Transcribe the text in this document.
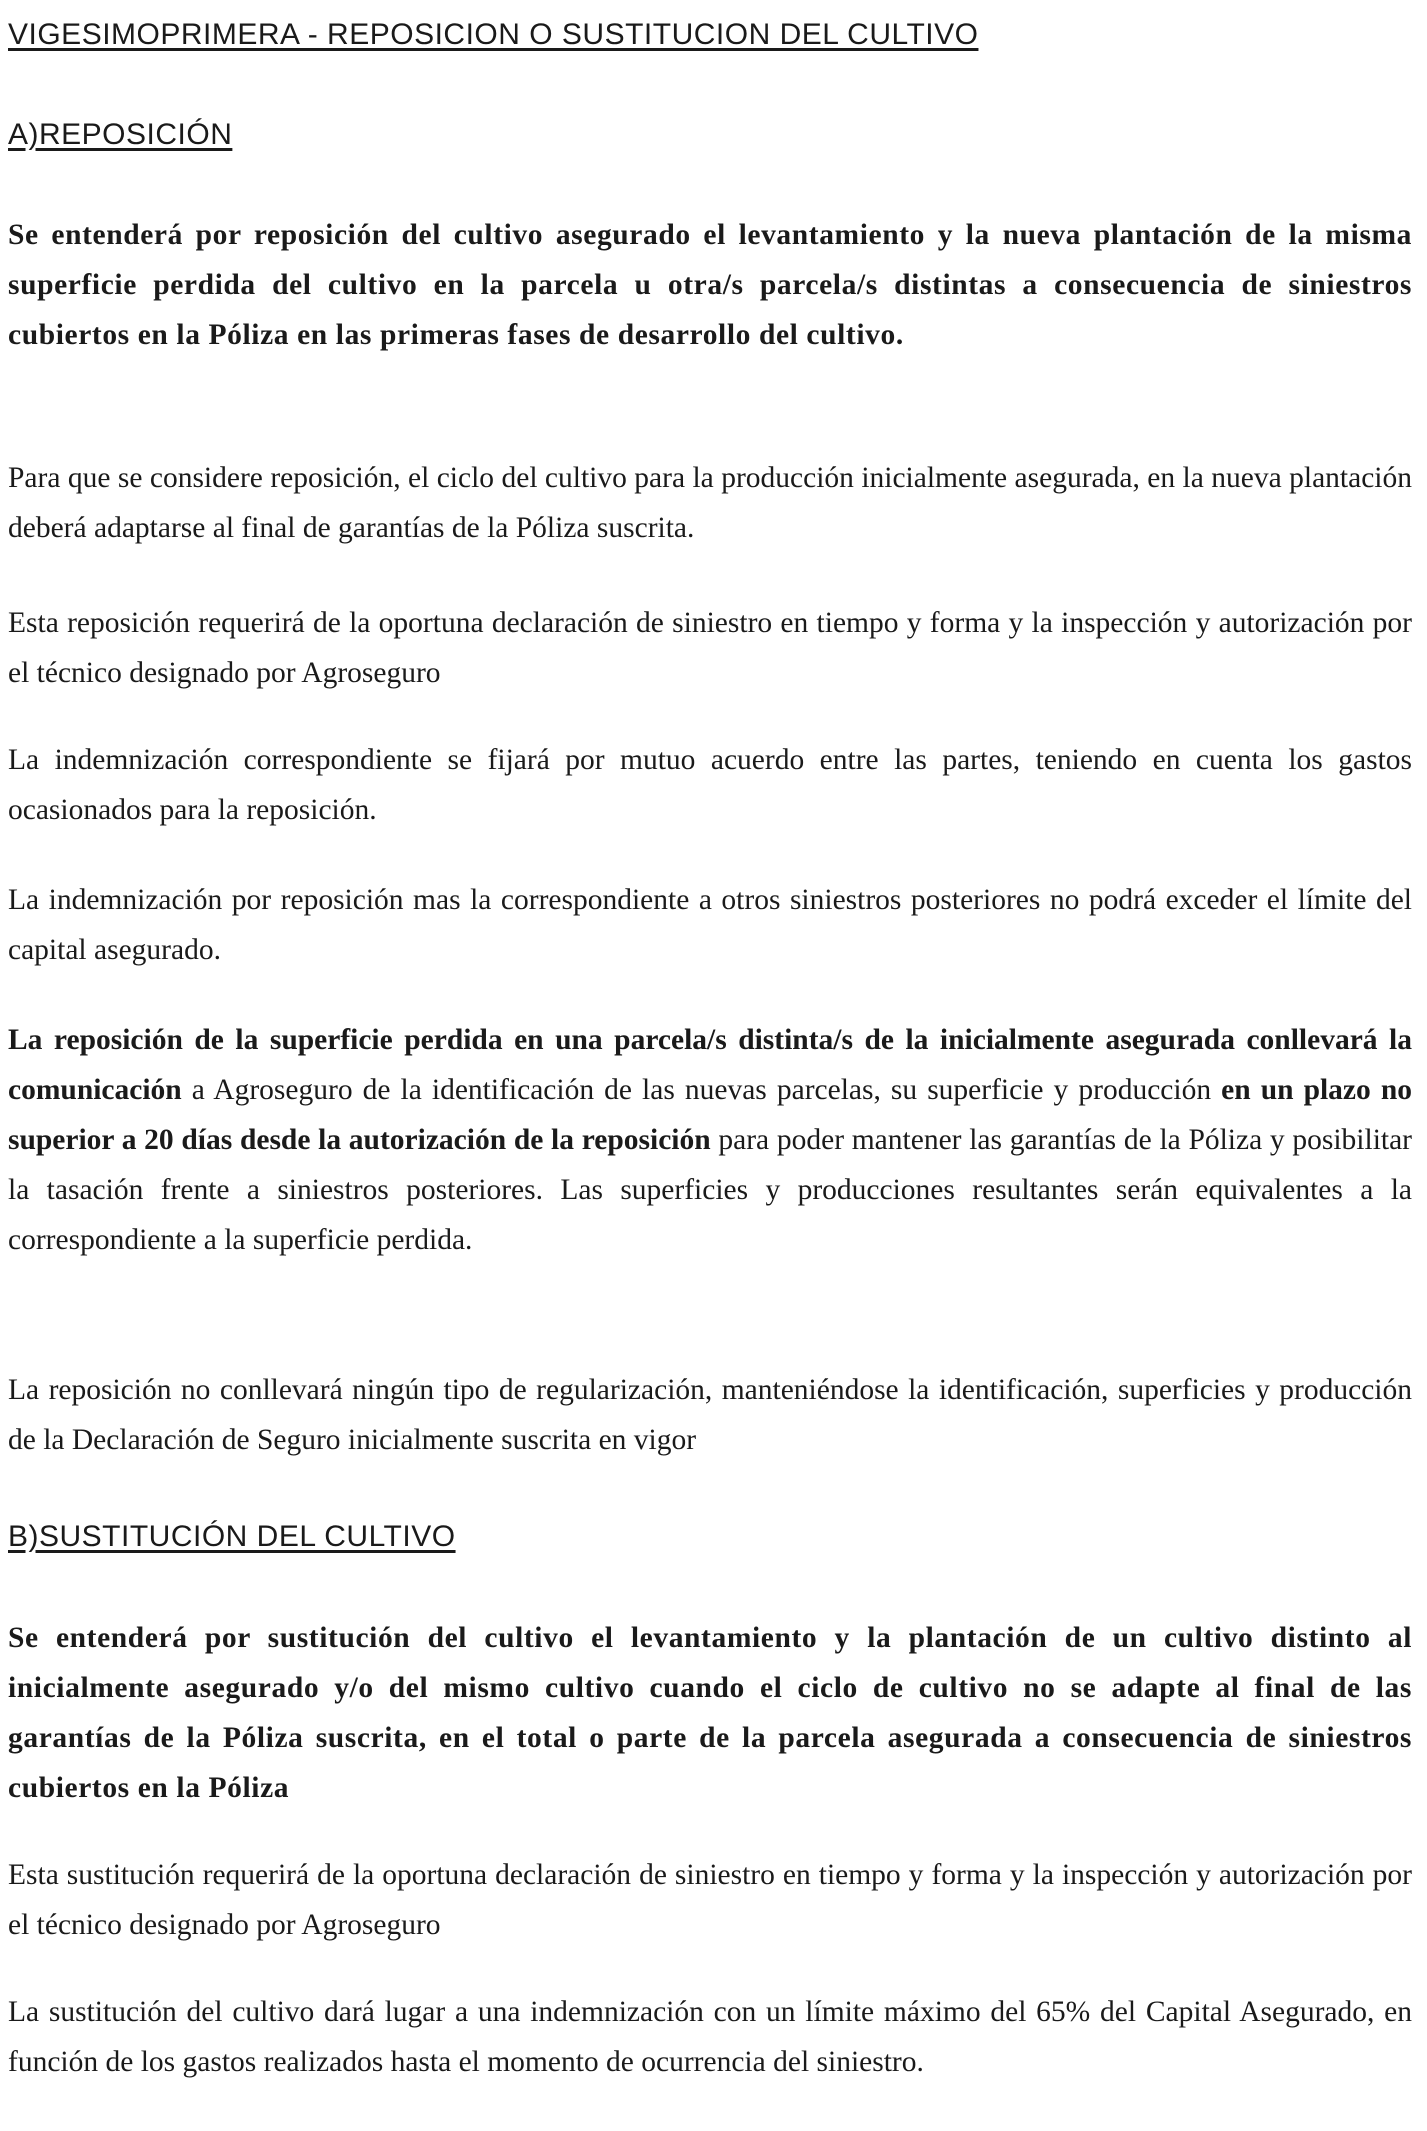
VIGESIMOPRIMERA - REPOSICION O SUSTITUCION DEL CULTIVO
A)REPOSICIÓN

Se entenderá por reposición del cultivo asegurado el levantamiento y la nueva plantación de la misma superficie perdida del cultivo en la parcela u otra/s parcela/s distintas a consecuencia de siniestros cubiertos en la Póliza en las primeras fases de desarrollo del cultivo.

Para que se considere reposición, el ciclo del cultivo para la producción inicialmente asegurada, en la nueva plantación deberá adaptarse al final de garantías de la Póliza suscrita.

Esta reposición requerirá de la oportuna declaración de siniestro en tiempo y forma y la inspección y autorización por el técnico designado por Agroseguro

La indemnización correspondiente se fijará por mutuo acuerdo entre las partes, teniendo en cuenta los gastos ocasionados para la reposición.

La indemnización por reposición mas la correspondiente a otros siniestros posteriores no podrá exceder el límite del capital asegurado.

La reposición de la superficie perdida en una parcela/s distinta/s de la inicialmente asegurada conllevará la comunicación a Agroseguro de la identificación de las nuevas parcelas, su superficie y producción en un plazo no superior a 20 días desde la autorización de la reposición para poder mantener las garantías de la Póliza y posibilitar la tasación frente a siniestros posteriores. Las superficies y producciones resultantes serán equivalentes a la correspondiente a la superficie perdida.

La reposición no conllevará ningún tipo de regularización, manteniéndose la identificación, superficies y producción de la Declaración de Seguro inicialmente suscrita en vigor

B)SUSTITUCIÓN DEL CULTIVO

Se entenderá por sustitución del cultivo el levantamiento y la plantación de un cultivo distinto al inicialmente asegurado y/o del mismo cultivo cuando el ciclo de cultivo no se adapte al final de las garantías de la Póliza suscrita, en el total o parte de la parcela asegurada a consecuencia de siniestros cubiertos en la Póliza

Esta sustitución requerirá de la oportuna declaración de siniestro en tiempo y forma y la inspección y autorización por el técnico designado por Agroseguro

La sustitución del cultivo dará lugar a una indemnización con un límite máximo del 65% del Capital Asegurado, en función de los gastos realizados hasta el momento de ocurrencia del siniestro.
